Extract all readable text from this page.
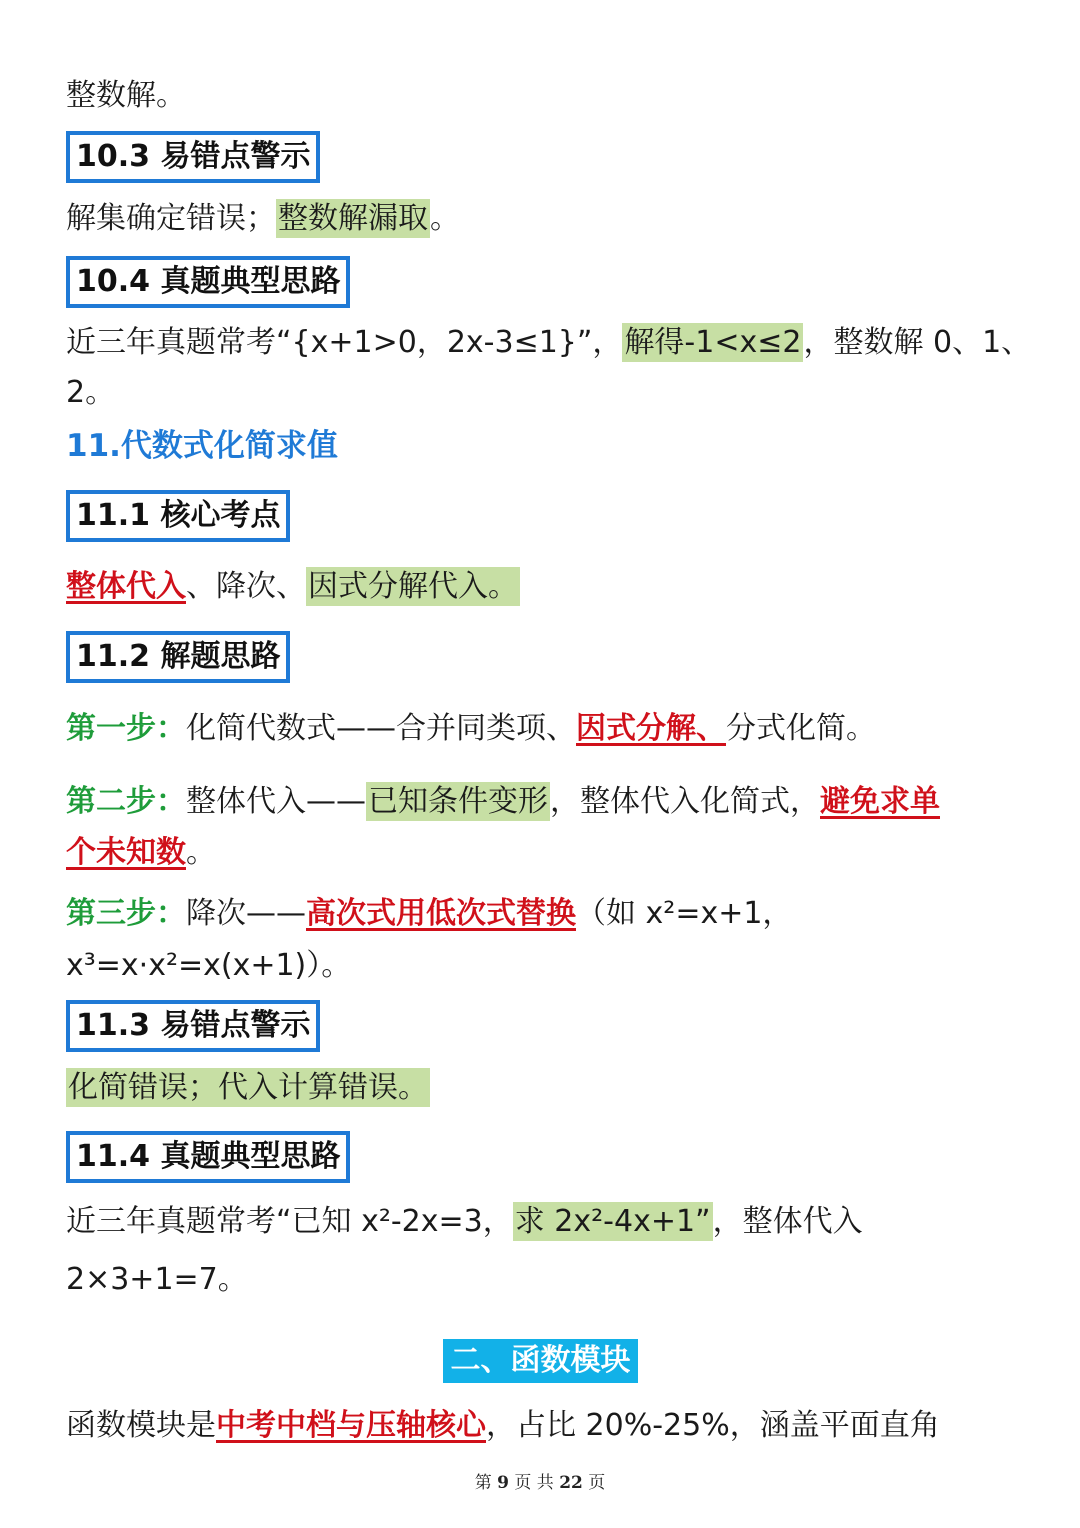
整数解。
10.3 易错点警示
解集确定错误；整数解漏取。
10.4 真题典型思路
近三年真题常考“{x+1>0，2x-3≤1}”，解得-1<x≤2，整数解 0、1、
2。
11.代数式化简求值
11.1 核心考点
整体代入、降次、因式分解代入。
11.2 解题思路
第一步：化简代数式——合并同类项、因式分解、分式化简。
第二步：整体代入——已知条件变形，整体代入化简式，避免求单
个未知数。
第三步：降次——高次式用低次式替换（如 x²=x+1，
x³=x·x²=x(x+1)）。
11.3 易错点警示
化简错误；代入计算错误。
11.4 真题典型思路
近三年真题常考“已知 x²-2x=3，求 2x²-4x+1”，整体代入
2×3+1=7。
二、函数模块
函数模块是中考中档与压轴核心，占比 20%-25%，涵盖平面直角
第 9 页 共 22 页
